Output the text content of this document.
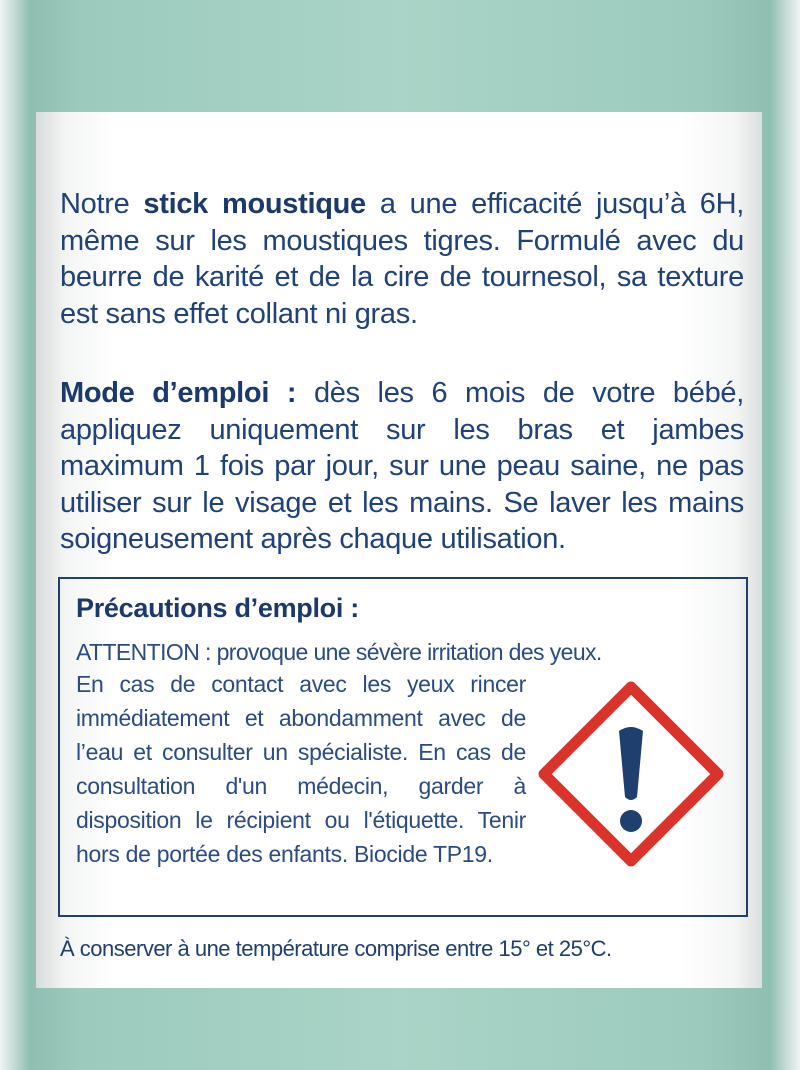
Notre stick moustique a une efficacité jusqu’à 6H, même sur les moustiques tigres. Formulé avec du beurre de karité et de la cire de tournesol, sa texture est sans effet collant ni gras.

Mode d’emploi : dès les 6 mois de votre bébé, appliquez uniquement sur les bras et jambes maximum 1 fois par jour, sur une peau saine, ne pas utiliser sur le visage et les mains. Se laver les mains soigneusement après chaque utilisation.

Précautions d’emploi :
ATTENTION : provoque une sévère irritation des yeux.

En cas de contact avec les yeux rincer immédiatement et abondamment avec de l’eau et consulter un spécialiste. En cas de consultation d'un médecin, garder à disposition le récipient ou l'étiquette. Tenir hors de portée des enfants. Biocide TP19.

À conserver à une température comprise entre 15° et 25°C.
